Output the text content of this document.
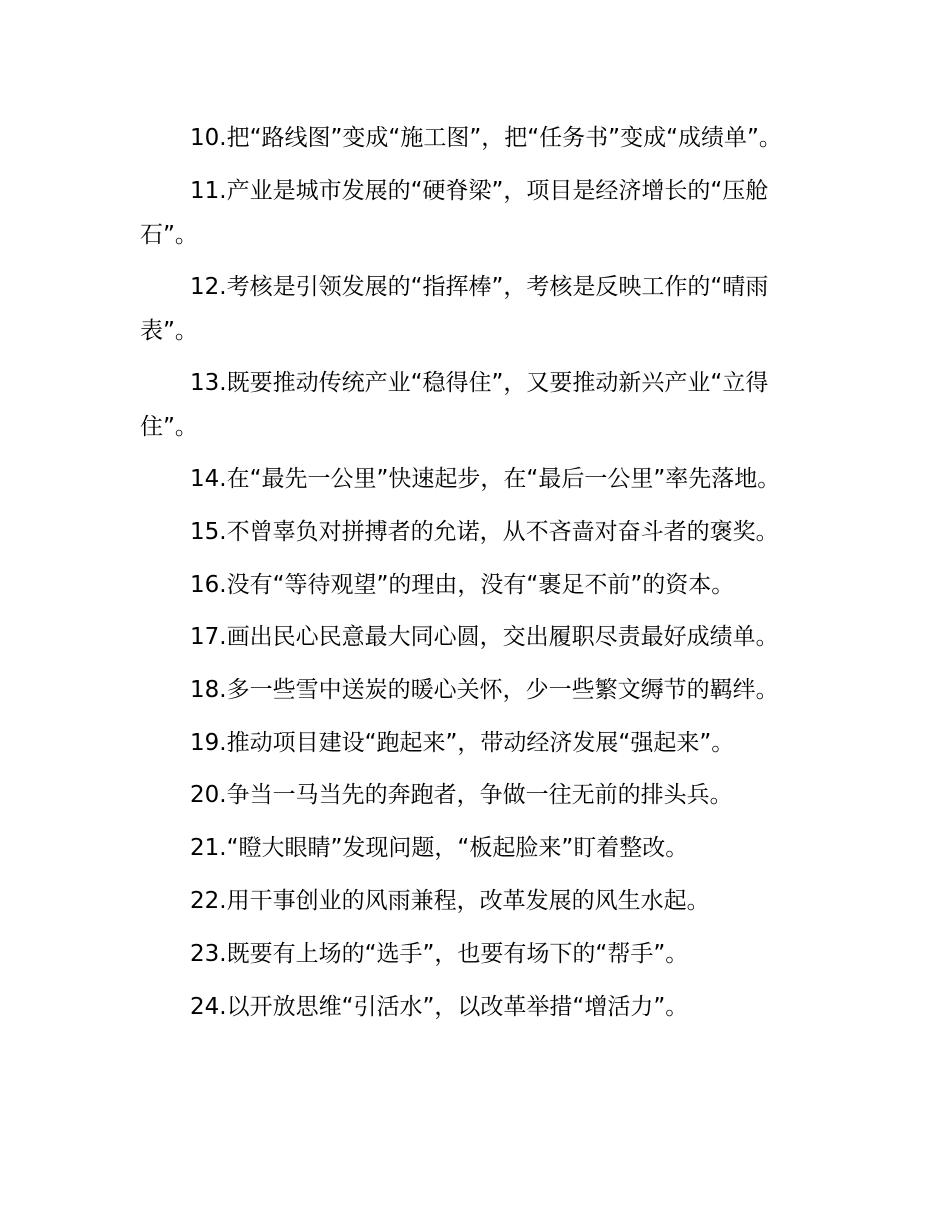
10.把“路线图”变成“施工图”，把“任务书”变成“成绩单”。

11.产业是城市发展的“硬脊梁”，项目是经济增长的“压舱石”。

12.考核是引领发展的“指挥棒”，考核是反映工作的“晴雨表”。

13.既要推动传统产业“稳得住”，又要推动新兴产业“立得住”。

14.在“最先一公里”快速起步，在“最后一公里”率先落地。

15.不曾辜负对拼搏者的允诺，从不吝啬对奋斗者的褒奖。

16.没有“等待观望”的理由，没有“裹足不前”的资本。

17.画出民心民意最大同心圆，交出履职尽责最好成绩单。

18.多一些雪中送炭的暖心关怀，少一些繁文缛节的羁绊。

19.推动项目建设“跑起来”，带动经济发展“强起来”。

20.争当一马当先的奔跑者，争做一往无前的排头兵。

21.“瞪大眼睛”发现问题，“板起脸来”盯着整改。

22.用干事创业的风雨兼程，改革发展的风生水起。

23.既要有上场的“选手”，也要有场下的“帮手”。

24.以开放思维“引活水”，以改革举措“增活力”。
